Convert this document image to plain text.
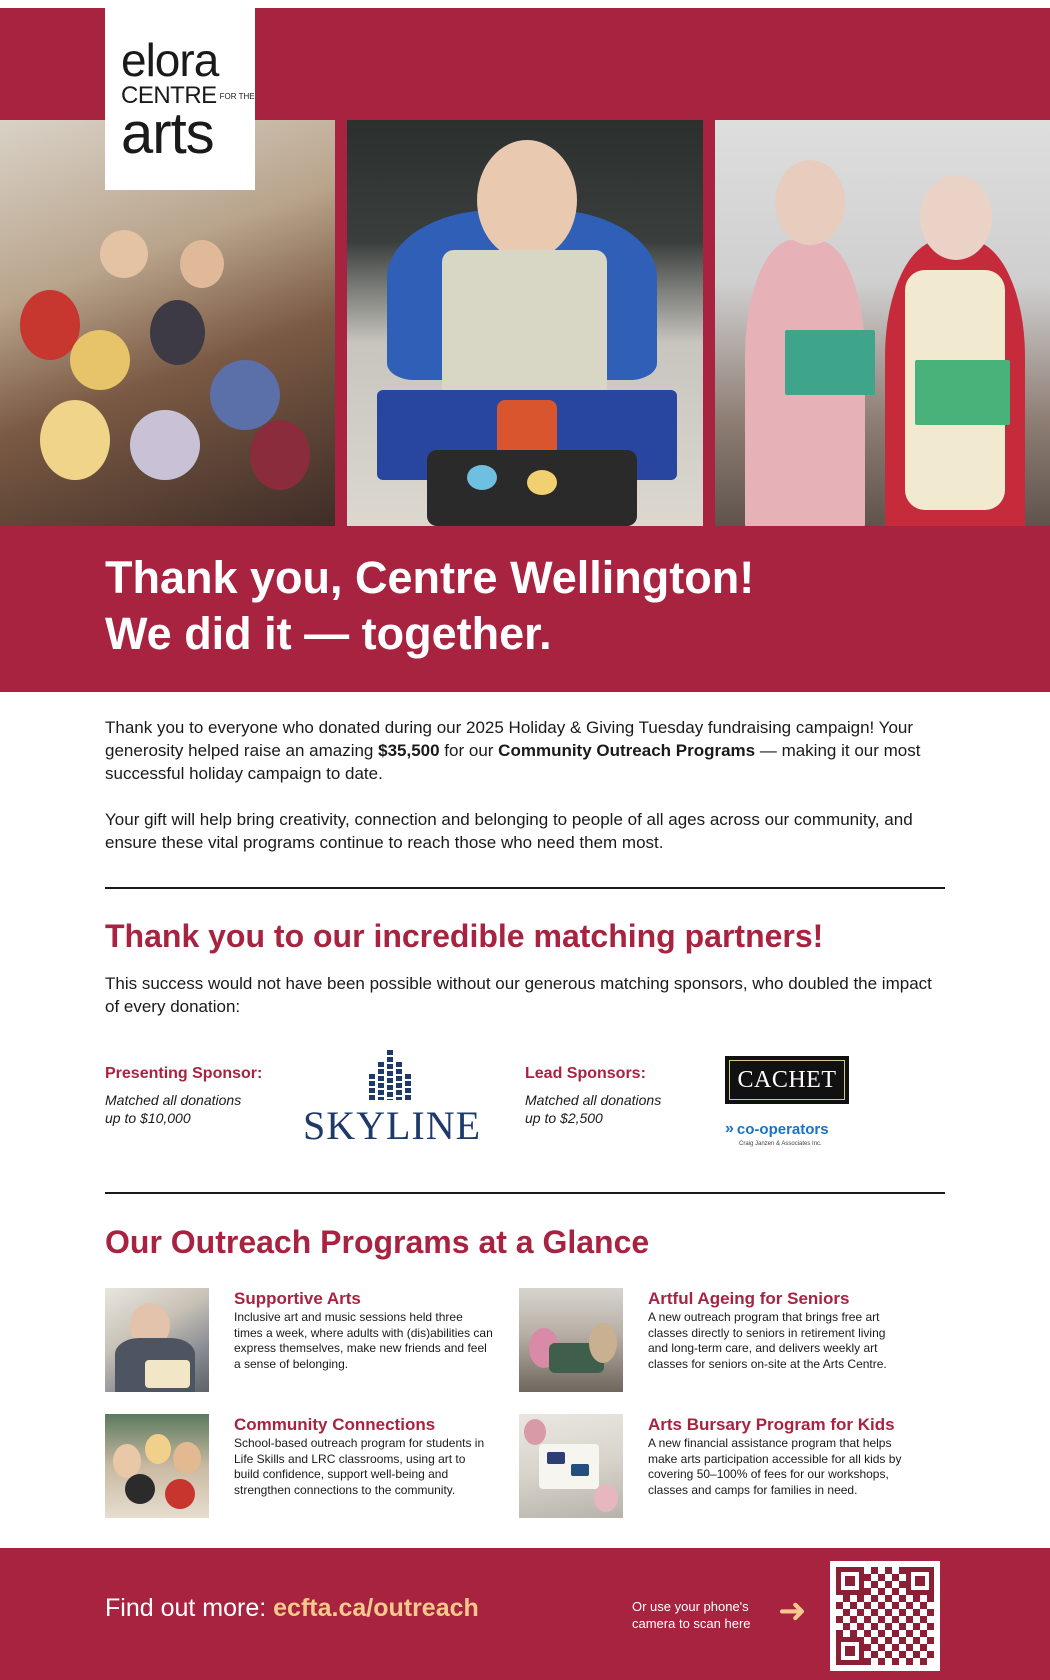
elora
CENTRE FOR THE
arts
Thank you, Centre Wellington!
We did it — together.

Thank you to everyone who donated during our 2025 Holiday & Giving Tuesday fundraising campaign! Your generosity helped raise an amazing $35,500 for our Community Outreach Programs — making it our most successful holiday campaign to date.

Your gift will help bring creativity, connection and belonging to people of all ages across our community, and ensure these vital programs continue to reach those who need them most.

Thank you to our incredible matching partners!
This success would not have been possible without our generous matching sponsors, who doubled the impact of every donation:
Presenting Sponsor:
Matched all donations
up to $10,000	SKYLINE
Lead Sponsors:
Matched all donations
up to $2,500
CACHET
» co-operators
Craig Janzen & Associates Inc.
Our Outreach Programs at a Glance
Supportive Arts
Inclusive art and music sessions held three times a week, where adults with (dis)abilities can express themselves, make new friends and feel a sense of belonging.
Artful Ageing for Seniors
A new outreach program that brings free art classes directly to seniors in retirement living and long-term care, and delivers weekly art classes for seniors on-site at the Arts Centre.
Community Connections
School-based outreach program for students in Life Skills and LRC classrooms, using art to build confidence, support well-being and strengthen connections to the community.
Arts Bursary Program for Kids
A new financial assistance program that helps make arts participation accessible for all kids by covering 50–100% of fees for our workshops, classes and camps for families in need.
Find out more: ecfta.ca/outreach	Or use your phone's camera to scan here ➜
